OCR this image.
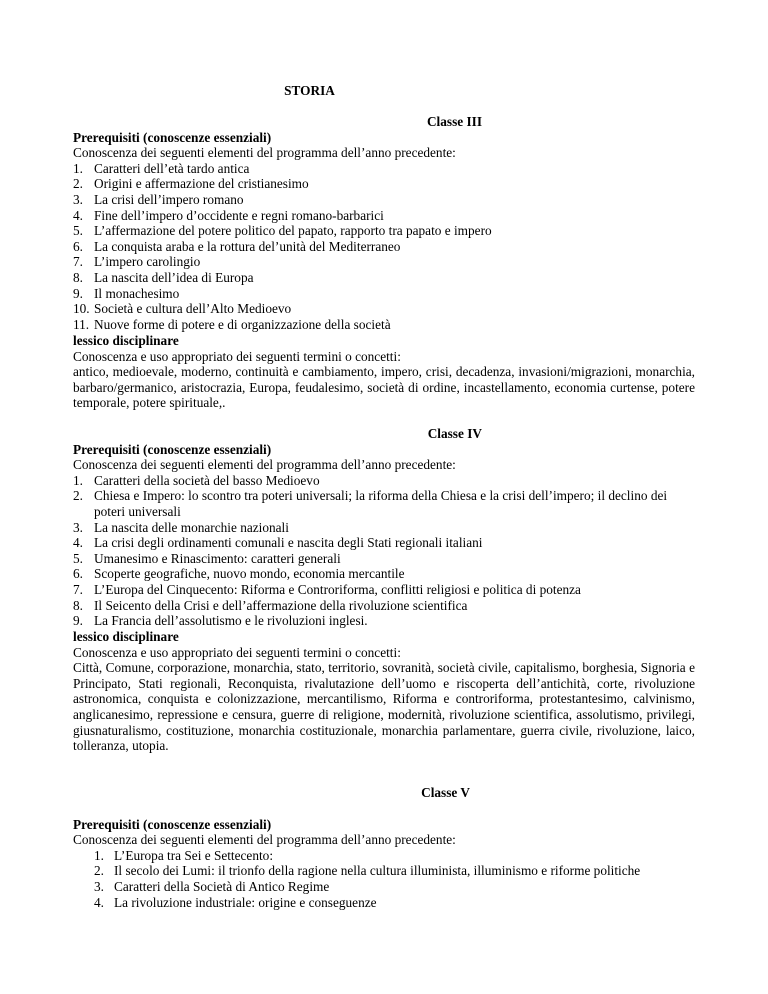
STORIA
Classe III
Prerequisiti (conoscenze essenziali)
Conoscenza dei seguenti elementi del programma dell’anno precedente:
1. Caratteri dell’età tardo antica
2. Origini e affermazione del cristianesimo
3. La crisi dell’impero romano
4. Fine dell’impero d’occidente e regni romano-barbarici
5. L’affermazione del potere politico del papato, rapporto tra papato e impero
6. La conquista araba e la rottura del’unità del Mediterraneo
7. L’impero carolingio
8. La nascita dell’idea di Europa
9. Il monachesimo
10. Società e cultura dell’Alto Medioevo
11. Nuove forme di potere e di organizzazione della società
lessico disciplinare
Conoscenza e uso appropriato dei seguenti termini o concetti:
antico, medioevale, moderno, continuità e cambiamento, impero, crisi, decadenza, invasioni/migrazioni, monarchia, barbaro/germanico, aristocrazia, Europa, feudalesimo, società di ordine, incastellamento, economia curtense, potere temporale, potere spirituale,.
Classe IV
Prerequisiti (conoscenze essenziali)
Conoscenza dei seguenti elementi del programma dell’anno precedente:
1. Caratteri della società del basso Medioevo
2. Chiesa e Impero: lo scontro tra poteri universali; la riforma della Chiesa e la crisi dell’impero; il declino dei poteri universali
3. La nascita delle monarchie nazionali
4. La crisi degli ordinamenti comunali e nascita degli Stati regionali italiani
5. Umanesimo e Rinascimento: caratteri generali
6. Scoperte geografiche, nuovo mondo, economia mercantile
7. L’Europa del Cinquecento: Riforma e Controriforma, conflitti religiosi e politica di potenza
8. Il Seicento della Crisi e dell’affermazione della rivoluzione scientifica
9. La Francia dell’assolutismo e le rivoluzioni inglesi.
lessico disciplinare
Conoscenza e uso appropriato dei seguenti termini o concetti:
Città, Comune, corporazione, monarchia, stato, territorio, sovranità, società civile, capitalismo, borghesia, Signoria e Principato, Stati regionali, Reconquista, rivalutazione dell’uomo e riscoperta dell’antichità, corte, rivoluzione astronomica, conquista e colonizzazione, mercantilismo, Riforma e controriforma, protestantesimo, calvinismo, anglicanesimo, repressione e censura, guerre di religione, modernità, rivoluzione scientifica, assolutismo, privilegi, giusnaturalismo, costituzione, monarchia costituzionale, monarchia parlamentare, guerra civile, rivoluzione, laico, tolleranza, utopia.
Classe V
Prerequisiti (conoscenze essenziali)
Conoscenza dei seguenti elementi del programma dell’anno precedente:
1. L’Europa tra Sei e Settecento:
2. Il secolo dei Lumi: il trionfo della ragione nella cultura illuminista, illuminismo e riforme politiche
3. Caratteri della Società di Antico Regime
4. La rivoluzione industriale: origine e conseguenze
